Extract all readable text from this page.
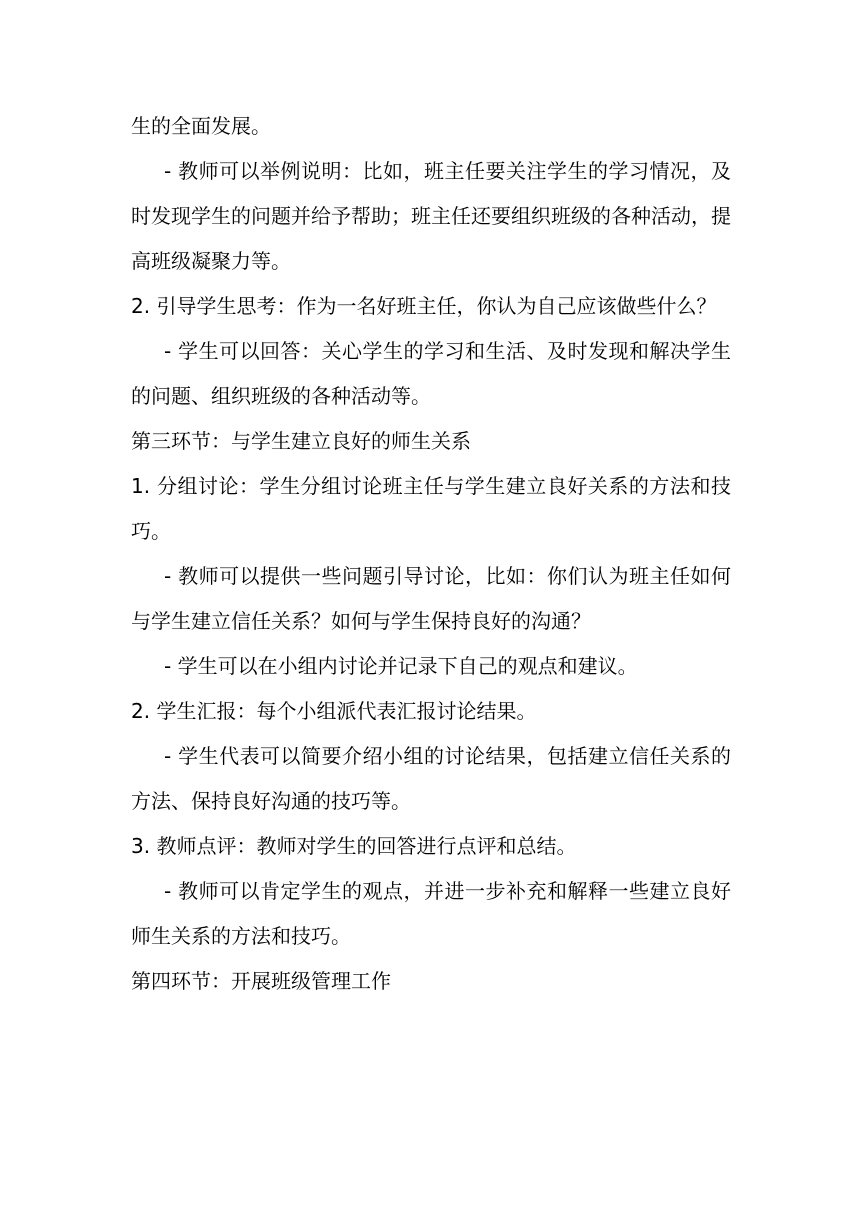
生的全面发展。

- 教师可以举例说明：比如，班主任要关注学生的学习情况，及时发现学生的问题并给予帮助；班主任还要组织班级的各种活动，提高班级凝聚力等。

2. 引导学生思考：作为一名好班主任，你认为自己应该做些什么？

- 学生可以回答：关心学生的学习和生活、及时发现和解决学生的问题、组织班级的各种活动等。

第三环节：与学生建立良好的师生关系

1. 分组讨论：学生分组讨论班主任与学生建立良好关系的方法和技巧。

- 教师可以提供一些问题引导讨论，比如：你们认为班主任如何与学生建立信任关系？如何与学生保持良好的沟通？

- 学生可以在小组内讨论并记录下自己的观点和建议。

2. 学生汇报：每个小组派代表汇报讨论结果。

- 学生代表可以简要介绍小组的讨论结果，包括建立信任关系的方法、保持良好沟通的技巧等。

3. 教师点评：教师对学生的回答进行点评和总结。

- 教师可以肯定学生的观点，并进一步补充和解释一些建立良好师生关系的方法和技巧。

第四环节：开展班级管理工作
